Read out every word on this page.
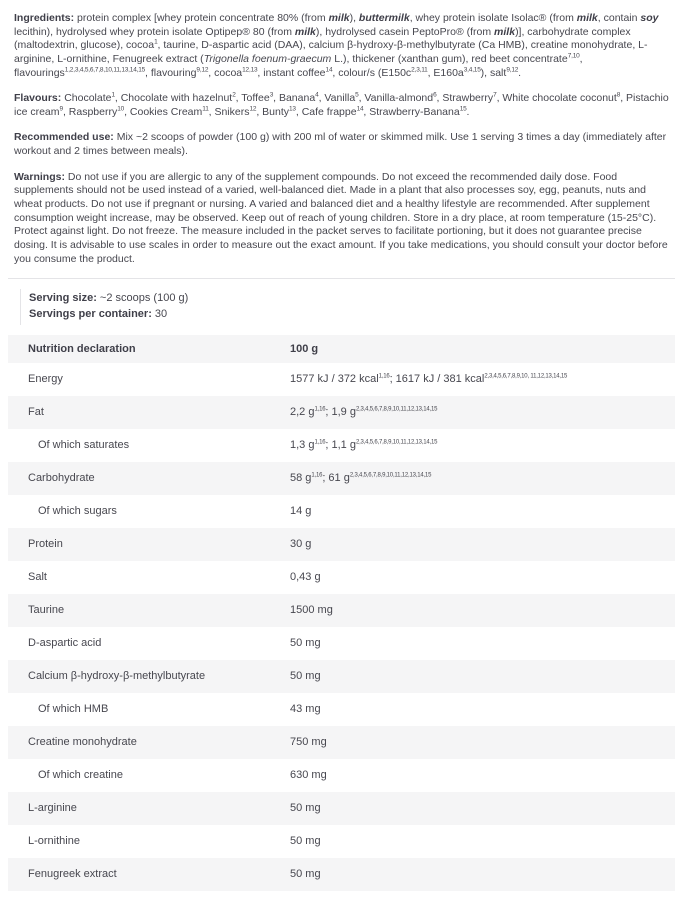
Ingredients: protein complex [whey protein concentrate 80% (from milk), buttermilk, whey protein isolate Isolac® (from milk, contain soy lecithin), hydrolysed whey protein isolate Optipep® 80 (from milk), hydrolysed casein PeptoPro® (from milk)], carbohydrate complex (maltodextrin, glucose), cocoa$^1$, taurine, D-aspartic acid (DAA), calcium β-hydroxy-β-methylbutyrate (Ca HMB), creatine monohydrate, L-arginine, L-ornithine, Fenugreek extract (Trigonella foenum-graecum L.), thickener (xanthan gum), red beet concentrate$^{7,10}$, flavourings$^{1,2,3,4,5,6,7,8,10,11,13,14,15}$, flavouring$^{9,12}$, cocoa$^{12,13}$, instant coffee$^{14}$, colour/s ($E150c^{2,3,11}$, $E160a^{3,4,15}$), salt$^{9,12}$.

Flavours: Chocolate$^1$, Chocolate with hazelnut$^2$, Toffee$^3$, Banana$^4$, Vanilla$^5$, Vanilla-almond$^6$, Strawberry$^7$, White chocolate coconut$^8$, Pistachio ice cream$^9$, Raspberry$^{10}$, Cookies Cream$^{11}$, Snikers$^{12}$, Bunty$^{13}$, Cafe frappe$^{14}$, Strawberry-Banana$^{15}$.

Recommended use: Mix ~2 scoops of powder (100 g) with 200 ml of water or skimmed milk. Use 1 serving 3 times a day (immediately after workout and 2 times between meals).

Warnings: Do not use if you are allergic to any of the supplement compounds. Do not exceed the recommended daily dose. Food supplements should not be used instead of a varied, well-balanced diet. Made in a plant that also processes soy, egg, peanuts, nuts and wheat products. Do not use if pregnant or nursing. A varied and balanced diet and a healthy lifestyle are recommended. After supplement consumption weight increase, may be observed. Keep out of reach of young children. Store in a dry place, at room temperature (15-25°C). Protect against light. Do not freeze. The measure included in the packet serves to facilitate portioning, but it does not guarantee precise dosing. It is advisable to use scales in order to measure out the exact amount. If you take medications, you should consult your doctor before you consume the product.

Serving size: ~2 scoops (100 g)
Servings per container: 30
Nutrition declaration	100 g
Energy	1577 kJ / 372 kcal$^{1,16}$; 1617 kJ / 381 kcal$^{2,3,4,5,6,7,8,9,10, 11,12,13,14,15}$
Fat	2,2 $g^{1,16}$; 1,9 $g^{2,3,4,5,6,7,8,9,10,11,12,13,14,15}$
Of which saturates	1,3 $g^{1,16}$; 1,1 $g^{2,3,4,5,6,7,8,9,10,11,12,13,14,15}$
Carbohydrate	58 $g^{1,16}$; 61 $g^{2,3,4,5,6,7,8,9,10,11,12,13,14,15}$
Of which sugars	14 g
Protein	30 g
Salt	0,43 g
Taurine	1500 mg
D-aspartic acid	50 mg
Calcium β-hydroxy-β-methylbutyrate	50 mg
Of which HMB	43 mg
Creatine monohydrate	750 mg
Of which creatine	630 mg
L-arginine	50 mg
L-ornithine	50 mg
Fenugreek extract	50 mg
